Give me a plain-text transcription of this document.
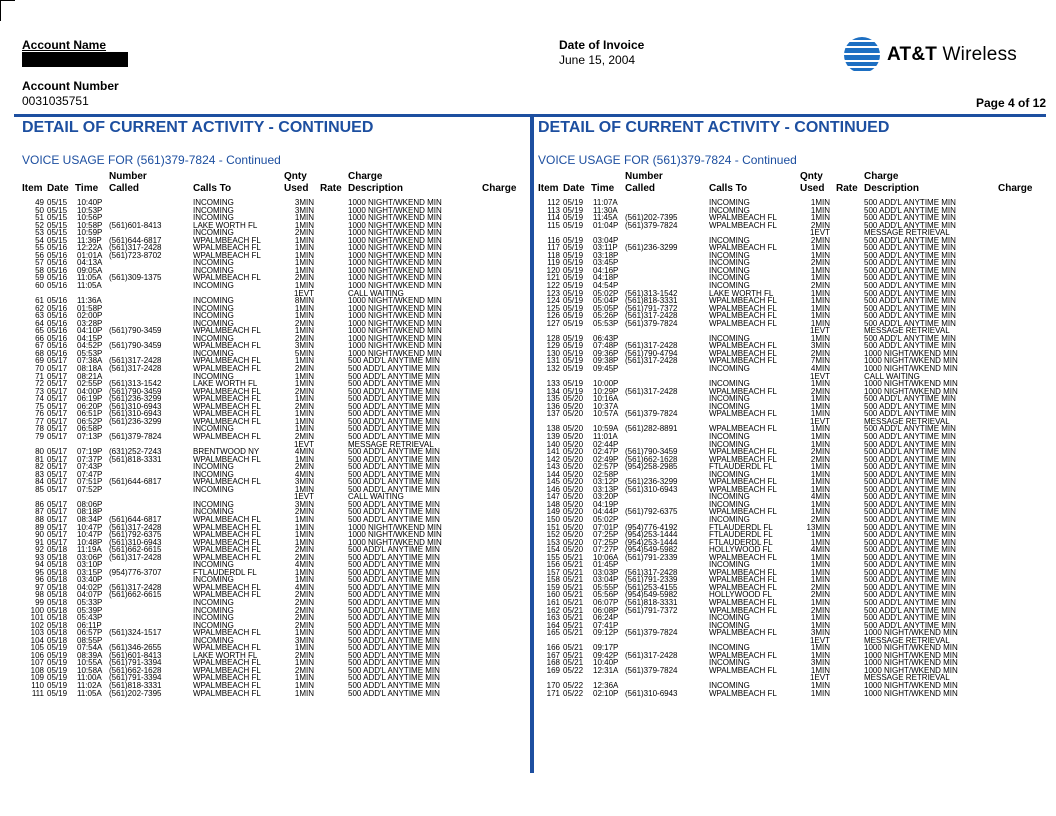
Account Name
Account Number
0031035751
Date of Invoice
June 15, 2004	AT&T Wireless
Page 4 of 12
DETAIL OF CURRENT ACTIVITY - CONTINUED	DETAIL OF CURRENT ACTIVITY - CONTINUED
VOICE USAGE FOR (561)379-7824 - Continued	VOICE USAGE FOR (561)379-7824 - Continued
Number	Qnty	Charge
Item Date Time Called	Calls To	Used Rate Description	Charge
49 05/15 10:40P	INCOMING	3MIN	1000 NIGHT/WKEND MIN
50 05/15 10:53P	INCOMING	3MIN	1000 NIGHT/WKEND MIN
51 05/15 10:56P	INCOMING	1MIN	1000 NIGHT/WKEND MIN
52 05/15 10:58P (561)601-8413	LAKE WORTH FL	1MIN	1000 NIGHT/WKEND MIN
53 05/15 10:59P	INCOMING	2MIN	1000 NIGHT/WKEND MIN
54 05/15 11:36P (561)644-6817	WPALMBEACH FL	1MIN	1000 NIGHT/WKEND MIN
55 05/16 12:22A (561)317-2428	WPALMBEACH FL	1MIN	1000 NIGHT/WKEND MIN
56 05/16 01:01A (561)723-8702	WPALMBEACH FL	1MIN	1000 NIGHT/WKEND MIN
57 05/16 04:13A	INCOMING	1MIN	1000 NIGHT/WKEND MIN
58 05/16 09:05A	INCOMING	1MIN	1000 NIGHT/WKEND MIN
59 05/16 11:05A (561)309-1375	WPALMBEACH FL	2MIN	1000 NIGHT/WKEND MIN
60 05/16 11:05A	INCOMING	1MIN	1000 NIGHT/WKEND MIN
1EVT	CALL WAITING
61 05/16 11:36A	INCOMING	8MIN	1000 NIGHT/WKEND MIN
62 05/16 01:58P	INCOMING	1MIN	1000 NIGHT/WKEND MIN
63 05/16 02:00P	INCOMING	1MIN	1000 NIGHT/WKEND MIN
64 05/16 03:28P	INCOMING	2MIN	1000 NIGHT/WKEND MIN
65 05/16 04:10P (561)790-3459	WPALMBEACH FL	1MIN	1000 NIGHT/WKEND MIN
66 05/16 04:15P	INCOMING	2MIN	1000 NIGHT/WKEND MIN
67 05/16 04:52P (561)790-3459	WPALMBEACH FL	3MIN	1000 NIGHT/WKEND MIN
68 05/16 05:53P	INCOMING	5MIN	1000 NIGHT/WKEND MIN
69 05/17 07:38A (561)317-2428	WPALMBEACH FL	1MIN	500 ADD'L ANYTIME MIN
70 05/17 08:18A (561)317-2428	WPALMBEACH FL	2MIN	500 ADD'L ANYTIME MIN
71 05/17 08:21A	INCOMING	1MIN	500 ADD'L ANYTIME MIN
72 05/17 02:55P (561)313-1542	LAKE WORTH FL	1MIN	500 ADD'L ANYTIME MIN
73 05/17 04:00P (561)790-3459	WPALMBEACH FL	2MIN	500 ADD'L ANYTIME MIN
74 05/17 06:19P (561)236-3299	WPALMBEACH FL	1MIN	500 ADD'L ANYTIME MIN
75 05/17 06:20P (561)310-6943	WPALMBEACH FL	2MIN	500 ADD'L ANYTIME MIN
76 05/17 06:51P (561)310-6943	WPALMBEACH FL	1MIN	500 ADD'L ANYTIME MIN
77 05/17 06:52P (561)236-3299	WPALMBEACH FL	1MIN	500 ADD'L ANYTIME MIN
78 05/17 06:58P	INCOMING	1MIN	500 ADD'L ANYTIME MIN
79 05/17 07:13P (561)379-7824	WPALMBEACH FL	2MIN	500 ADD'L ANYTIME MIN
1EVT	MESSAGE RETRIEVAL
80 05/17 07:19P (631)252-7243	BRENTWOOD NY	4MIN	500 ADD'L ANYTIME MIN
81 05/17 07:37P (561)818-3331	WPALMBEACH FL	1MIN	500 ADD'L ANYTIME MIN
82 05/17 07:43P	INCOMING	2MIN	500 ADD'L ANYTIME MIN
83 05/17 07:47P	INCOMING	4MIN	500 ADD'L ANYTIME MIN
84 05/17 07:51P (561)644-6817	WPALMBEACH FL	3MIN	500 ADD'L ANYTIME MIN
85 05/17 07:52P	INCOMING	1MIN	500 ADD'L ANYTIME MIN
1EVT	CALL WAITING
86 05/17 08:06P	INCOMING	3MIN	500 ADD'L ANYTIME MIN
87 05/17 08:18P	INCOMING	2MIN	500 ADD'L ANYTIME MIN
88 05/17 08:34P (561)644-6817	WPALMBEACH FL	1MIN	500 ADD'L ANYTIME MIN
89 05/17 10:47P (561)317-2428	WPALMBEACH FL	1MIN	1000 NIGHT/WKEND MIN
90 05/17 10:47P (561)792-6375	WPALMBEACH FL	1MIN	1000 NIGHT/WKEND MIN
91 05/17 10:48P (561)310-6943	WPALMBEACH FL	1MIN	1000 NIGHT/WKEND MIN
92 05/18 11:19A (561)662-6615	WPALMBEACH FL	2MIN	500 ADD'L ANYTIME MIN
93 05/18 03:06P (561)317-2428	WPALMBEACH FL	2MIN	500 ADD'L ANYTIME MIN
94 05/18 03:10P	INCOMING	4MIN	500 ADD'L ANYTIME MIN
95 05/18 03:15P (954)776-3707	FTLAUDERDL FL	1MIN	500 ADD'L ANYTIME MIN
96 05/18 03:40P	INCOMING	1MIN	500 ADD'L ANYTIME MIN
97 05/18 04:02P (561)317-2428	WPALMBEACH FL	4MIN	500 ADD'L ANYTIME MIN
98 05/18 04:07P (561)662-6615	WPALMBEACH FL	2MIN	500 ADD'L ANYTIME MIN
99 05/18 05:33P	INCOMING	2MIN	500 ADD'L ANYTIME MIN
100 05/18 05:39P	INCOMING	2MIN	500 ADD'L ANYTIME MIN
101 05/18 05:43P	INCOMING	2MIN	500 ADD'L ANYTIME MIN
102 05/18 06:11P	INCOMING	2MIN	500 ADD'L ANYTIME MIN
103 05/18 06:57P (561)324-1517	WPALMBEACH FL	1MIN	500 ADD'L ANYTIME MIN
104 05/18 08:55P	INCOMING	3MIN	500 ADD'L ANYTIME MIN
105 05/19 07:54A (561)346-2655	WPALMBEACH FL	1MIN	500 ADD'L ANYTIME MIN
106 05/19 08:39A (561)601-8413	LAKE WORTH FL	2MIN	500 ADD'L ANYTIME MIN
107 05/19 10:55A (561)791-3394	WPALMBEACH FL	1MIN	500 ADD'L ANYTIME MIN
108 05/19 10:58A (561)662-1628	WPALMBEACH FL	2MIN	500 ADD'L ANYTIME MIN
109 05/19 11:00A (561)791-3394	WPALMBEACH FL	1MIN	500 ADD'L ANYTIME MIN
110 05/19 11:02A (561)818-3331	WPALMBEACH FL	1MIN	500 ADD'L ANYTIME MIN
111 05/19 11:05A (561)202-7395	WPALMBEACH FL	1MIN	500 ADD'L ANYTIME MIN
Number	Qnty	Charge
Item Date Time Called	Calls To	Used Rate Description	Charge
112 05/19 11:07A	INCOMING	1MIN	500 ADD'L ANYTIME MIN
113 05/19 11:30A	INCOMING	1MIN	500 ADD'L ANYTIME MIN
114 05/19 11:45A (561)202-7395	WPALMBEACH FL	1MIN	500 ADD'L ANYTIME MIN
115 05/19 01:04P (561)379-7824	WPALMBEACH FL	2MIN	500 ADD'L ANYTIME MIN
1EVT	MESSAGE RETRIEVAL
116 05/19 03:04P	INCOMING	2MIN	500 ADD'L ANYTIME MIN
117 05/19 03:11P (561)236-3299	WPALMBEACH FL	1MIN	500 ADD'L ANYTIME MIN
118 05/19 03:18P	INCOMING	1MIN	500 ADD'L ANYTIME MIN
119 05/19 03:45P	INCOMING	2MIN	500 ADD'L ANYTIME MIN
120 05/19 04:16P	INCOMING	1MIN	500 ADD'L ANYTIME MIN
121 05/19 04:18P	INCOMING	1MIN	500 ADD'L ANYTIME MIN
122 05/19 04:54P	INCOMING	2MIN	500 ADD'L ANYTIME MIN
123 05/19 05:02P (561)313-1542	LAKE WORTH FL	1MIN	500 ADD'L ANYTIME MIN
124 05/19 05:04P (561)818-3331	WPALMBEACH FL	1MIN	500 ADD'L ANYTIME MIN
125 05/19 05:05P (561)791-7372	WPALMBEACH FL	1MIN	500 ADD'L ANYTIME MIN
126 05/19 05:26P (561)317-2428	WPALMBEACH FL	1MIN	500 ADD'L ANYTIME MIN
127 05/19 05:53P (561)379-7824	WPALMBEACH FL	1MIN	500 ADD'L ANYTIME MIN
1EVT	MESSAGE RETRIEVAL
128 05/19 06:43P	INCOMING	1MIN	500 ADD'L ANYTIME MIN
129 05/19 07:48P (561)317-2428	WPALMBEACH FL	3MIN	500 ADD'L ANYTIME MIN
130 05/19 09:36P (561)790-4794	WPALMBEACH FL	2MIN	1000 NIGHT/WKEND MIN
131 05/19 09:38P (561)317-2428	WPALMBEACH FL	7MIN	1000 NIGHT/WKEND MIN
132 05/19 09:45P	INCOMING	4MIN	1000 NIGHT/WKEND MIN
1EVT	CALL WAITING
133 05/19 10:00P	INCOMING	1MIN	1000 NIGHT/WKEND MIN
134 05/19 10:29P (561)317-2428	WPALMBEACH FL	2MIN	1000 NIGHT/WKEND MIN
135 05/20 10:16A	INCOMING	1MIN	500 ADD'L ANYTIME MIN
136 05/20 10:37A	INCOMING	1MIN	500 ADD'L ANYTIME MIN
137 05/20 10:57A (561)379-7824	WPALMBEACH FL	1MIN	500 ADD'L ANYTIME MIN
1EVT	MESSAGE RETRIEVAL
138 05/20 10:59A (561)282-8891	WPALMBEACH FL	1MIN	500 ADD'L ANYTIME MIN
139 05/20 11:01A	INCOMING	1MIN	500 ADD'L ANYTIME MIN
140 05/20 02:44P	INCOMING	1MIN	500 ADD'L ANYTIME MIN
141 05/20 02:47P (561)790-3459	WPALMBEACH FL	2MIN	500 ADD'L ANYTIME MIN
142 05/20 02:49P (561)662-1628	WPALMBEACH FL	2MIN	500 ADD'L ANYTIME MIN
143 05/20 02:57P (954)258-2985	FTLAUDERDL FL	1MIN	500 ADD'L ANYTIME MIN
144 05/20 02:58P	INCOMING	1MIN	500 ADD'L ANYTIME MIN
145 05/20 03:12P (561)236-3299	WPALMBEACH FL	1MIN	500 ADD'L ANYTIME MIN
146 05/20 03:13P (561)310-6943	WPALMBEACH FL	1MIN	500 ADD'L ANYTIME MIN
147 05/20 03:20P	INCOMING	4MIN	500 ADD'L ANYTIME MIN
148 05/20 04:19P	INCOMING	1MIN	500 ADD'L ANYTIME MIN
149 05/20 04:44P (561)792-6375	WPALMBEACH FL	1MIN	500 ADD'L ANYTIME MIN
150 05/20 05:02P	INCOMING	2MIN	500 ADD'L ANYTIME MIN
151 05/20 07:01P (954)776-4192	FTLAUDERDL FL	13MIN	500 ADD'L ANYTIME MIN
152 05/20 07:25P (954)253-1444	FTLAUDERDL FL	1MIN	500 ADD'L ANYTIME MIN
153 05/20 07:25P (954)253-1444	FTLAUDERDL FL	1MIN	500 ADD'L ANYTIME MIN
154 05/20 07:27P (954)549-5982	HOLLYWOOD FL	4MIN	500 ADD'L ANYTIME MIN
155 05/21 10:06A (561)791-2339	WPALMBEACH FL	1MIN	500 ADD'L ANYTIME MIN
156 05/21 01:45P	INCOMING	1MIN	500 ADD'L ANYTIME MIN
157 05/21 03:03P (561)317-2428	WPALMBEACH FL	1MIN	500 ADD'L ANYTIME MIN
158 05/21 03:04P (561)791-2339	WPALMBEACH FL	1MIN	500 ADD'L ANYTIME MIN
159 05/21 05:55P (561)253-4155	WPALMBEACH FL	2MIN	500 ADD'L ANYTIME MIN
160 05/21 05:56P (954)549-5982	HOLLYWOOD FL	2MIN	500 ADD'L ANYTIME MIN
161 05/21 06:07P (561)818-3331	WPALMBEACH FL	1MIN	500 ADD'L ANYTIME MIN
162 05/21 06:08P (561)791-7372	WPALMBEACH FL	2MIN	500 ADD'L ANYTIME MIN
163 05/21 06:24P	INCOMING	1MIN	500 ADD'L ANYTIME MIN
164 05/21 07:41P	INCOMING	1MIN	500 ADD'L ANYTIME MIN
165 05/21 09:12P (561)379-7824	WPALMBEACH FL	3MIN	1000 NIGHT/WKEND MIN
1EVT	MESSAGE RETRIEVAL
166 05/21 09:17P	INCOMING	1MIN	1000 NIGHT/WKEND MIN
167 05/21 09:42P (561)317-2428	WPALMBEACH FL	1MIN	1000 NIGHT/WKEND MIN
168 05/21 10:40P	INCOMING	3MIN	1000 NIGHT/WKEND MIN
169 05/22 12:31A (561)379-7824	WPALMBEACH FL	1MIN	1000 NIGHT/WKEND MIN
1EVT	MESSAGE RETRIEVAL
170 05/22 12:36A	INCOMING	1MIN	1000 NIGHT/WKEND MIN
171 05/22 02:10P (561)310-6943	WPALMBEACH FL	1MIN	1000 NIGHT/WKEND MIN
